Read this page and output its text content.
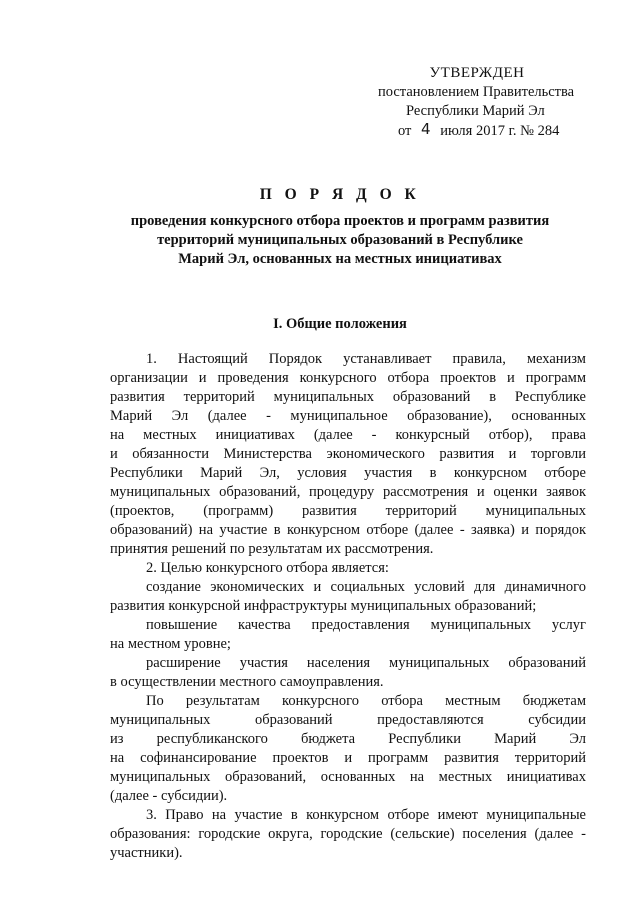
УТВЕРЖДЕН
постановлением Правительства
Республики Марий Эл
от 4 июля 2017 г. № 284
П О Р Я Д О К
проведения конкурсного отбора проектов и программ развития
территорий муниципальных образований в Республике
Марий Эл, основанных на местных инициативах
I. Общие положения
1. Настоящий Порядок устанавливает правила, механизм
организации и проведения конкурсного отбора проектов и программ
развития территорий муниципальных образований в Республике
Марий Эл (далее - муниципальное образование), основанных
на местных инициативах (далее - конкурсный отбор), права
и обязанности Министерства экономического развития и торговли
Республики Марий Эл, условия участия в конкурсном отборе
муниципальных образований, процедуру рассмотрения и оценки заявок
(проектов, (программ) развития территорий муниципальных
образований) на участие в конкурсном отборе (далее - заявка) и порядок
принятия решений по результатам их рассмотрения.
2. Целью конкурсного отбора является:
создание экономических и социальных условий для динамичного
развития конкурсной инфраструктуры муниципальных образований;
повышение качества предоставления муниципальных услуг
на местном уровне;
расширение участия населения муниципальных образований
в осуществлении местного самоуправления.
По результатам конкурсного отбора местным бюджетам
муниципальных образований предоставляются субсидии
из республиканского бюджета Республики Марий Эл
на софинансирование проектов и программ развития территорий
муниципальных образований, основанных на местных инициативах
(далее - субсидии).
3. Право на участие в конкурсном отборе имеют муниципальные
образования: городские округа, городские (сельские) поселения (далее -
участники).
